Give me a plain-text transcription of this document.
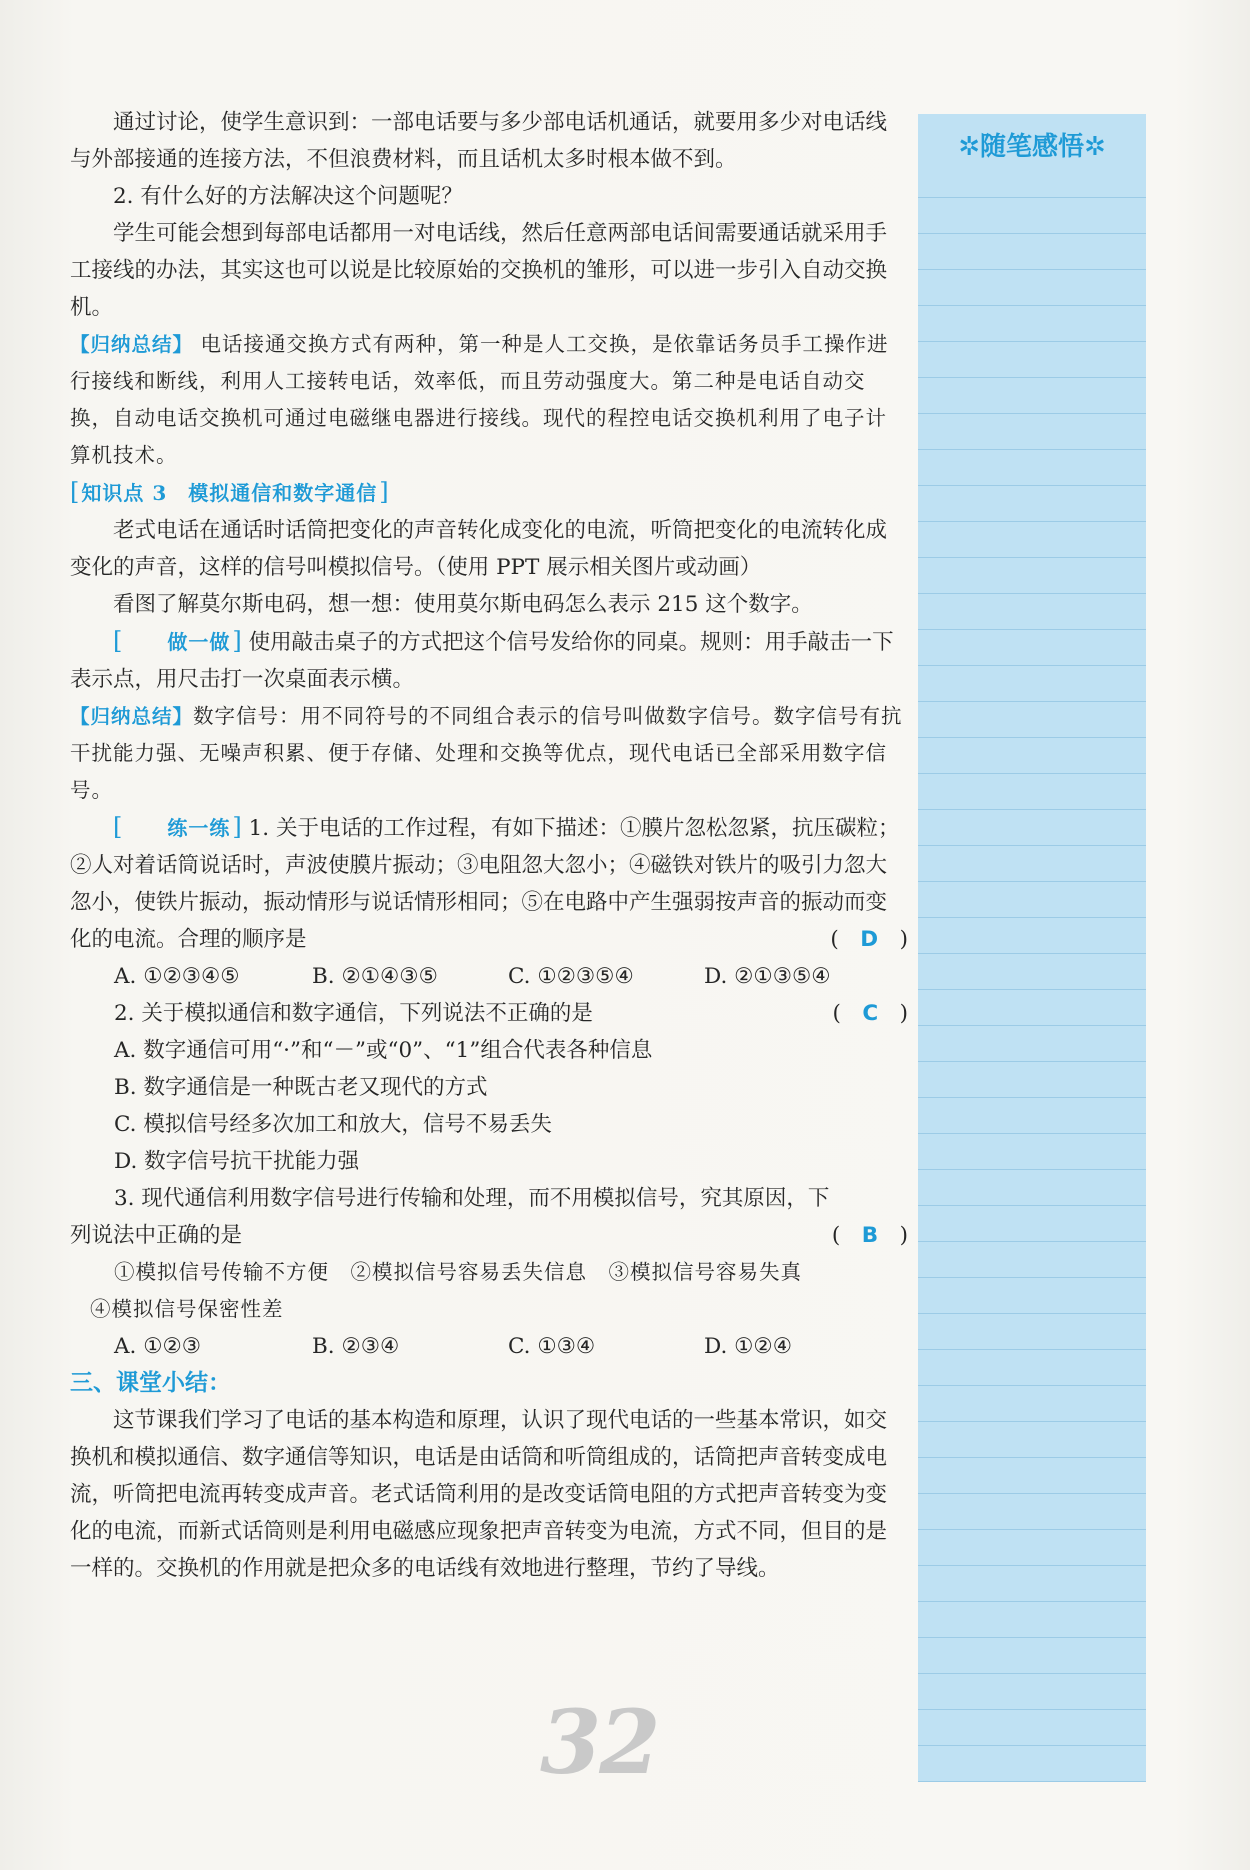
✲随笔感悟✲

通过讨论，使学生意识到：一部电话要与多少部电话机通话，就要用多少对电话线与外部接通的连接方法，不但浪费材料，而且话机太多时根本做不到。

2. 有什么好的方法解决这个问题呢？

学生可能会想到每部电话都用一对电话线，然后任意两部电话间需要通话就采用手工接线的办法，其实这也可以说是比较原始的交换机的雏形，可以进一步引入自动交换机。

【归纳总结】 电话接通交换方式有两种，第一种是人工交换，是依靠话务员手工操作进行接线和断线，利用人工接转电话，效率低，而且劳动强度大。第二种是电话自动交换，自动电话交换机可通过电磁继电器进行接线。现代的程控电话交换机利用了电子计算机技术。

[ 知识点 3　模拟通信和数字通信]

老式电话在通话时话筒把变化的声音转化成变化的电流，听筒把变化的电流转化成变化的声音，这样的信号叫模拟信号。（使用 PPT 展示相关图片或动画）

看图了解莫尔斯电码，想一想：使用莫尔斯电码怎么表示 215 这个数字。

[ 做一做] 使用敲击桌子的方式把这个信号发给你的同桌。规则：用手敲击一下表示点，用尺击打一次桌面表示横。

【归纳总结】数字信号：用不同符号的不同组合表示的信号叫做数字信号。数字信号有抗干扰能力强、无噪声积累、便于存储、处理和交换等优点，现代电话已全部采用数字信号。

[ 练一练] 1. 关于电话的工作过程，有如下描述：①膜片忽松忽紧，抗压碳粒；②人对着话筒说话时，声波使膜片振动；③电阻忽大忽小；④磁铁对铁片的吸引力忽大忽小，使铁片振动，振动情形与说话情形相同；⑤在电路中产生强弱按声音的振动而变化的电流。合理的顺序是	(　D　)

A. ①②③④⑤	B. ②①④③⑤	C. ①②③⑤④	D. ②①③⑤④
2. 关于模拟通信和数字通信，下列说法不正确的是	(　C　)

A. 数字通信可用“·”和“－”或“0”、“1”组合代表各种信息

B. 数字通信是一种既古老又现代的方式

C. 模拟信号经多次加工和放大，信号不易丢失

D. 数字信号抗干扰能力强

3. 现代通信利用数字信号进行传输和处理，而不用模拟信号，究其原因，下

列说法中正确的是	(　B　)

①模拟信号传输不方便　②模拟信号容易丢失信息　③模拟信号容易失真

④模拟信号保密性差

A. ①②③	B. ②③④	C. ①③④	D. ①②④

三、课堂小结：

这节课我们学习了电话的基本构造和原理，认识了现代电话的一些基本常识，如交换机和模拟通信、数字通信等知识，电话是由话筒和听筒组成的，话筒把声音转变成电流，听筒把电流再转变成声音。老式话筒利用的是改变话筒电阻的方式把声音转变为变化的电流，而新式话筒则是利用电磁感应现象把声音转变为电流，方式不同，但目的是一样的。交换机的作用就是把众多的电话线有效地进行整理，节约了导线。

32
